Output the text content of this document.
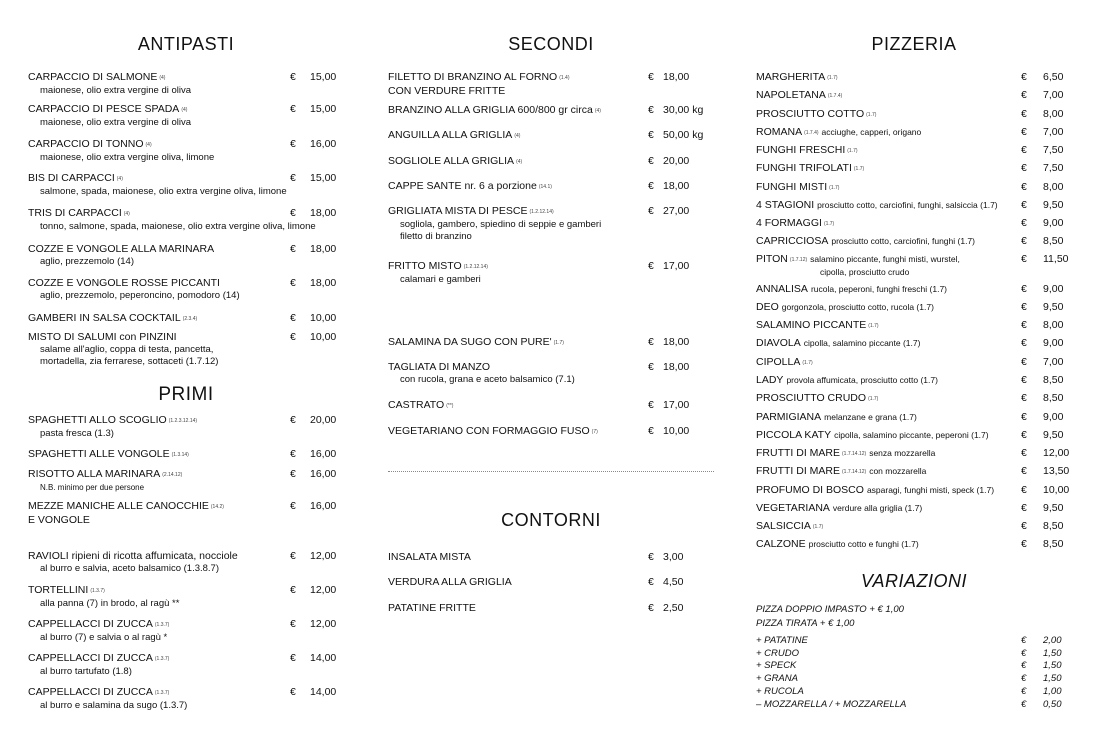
ANTIPASTI
CARPACCIO DI SALMONE (4)	€ 15,00
maionese, olio extra vergine di oliva
CARPACCIO DI PESCE SPADA (4)	€ 15,00
maionese, olio extra vergine di oliva
CARPACCIO DI TONNO (4)	€ 16,00
maionese, olio extra vergine oliva, limone
BIS DI CARPACCI (4)	€ 15,00
salmone, spada, maionese, olio extra vergine oliva, limone
TRIS DI CARPACCI (4)	€ 18,00
tonno, salmone, spada, maionese, olio extra vergine oliva, limone
COZZE E VONGOLE ALLA MARINARA	€ 18,00
aglio, prezzemolo (14)
COZZE E VONGOLE ROSSE PICCANTI	€ 18,00
aglio, prezzemolo, peperoncino, pomodoro (14)
GAMBERI IN SALSA COCKTAIL (2.3.4)	€ 10,00
MISTO DI SALUMI con PINZINI	€ 10,00
salame all'aglio, coppa di testa, pancetta,
mortadella, zia ferrarese, sottaceti (1.7.12)
PRIMI
SPAGHETTI ALLO SCOGLIO (1.2.3.12.14)	€ 20,00
pasta fresca (1.3)
SPAGHETTI ALLE VONGOLE (1.3.14)	€ 16,00
RISOTTO ALLA MARINARA (2.14.12)	€ 16,00
N.B. minimo per due persone
MEZZE MANICHE ALLE CANOCCHIE (14.2)	€ 16,00
E VONGOLE
RAVIOLI ripieni di ricotta affumicata, nocciole	€ 12,00
al burro e salvia, aceto balsamico (1.3.8.7)
TORTELLINI (1.3.7)	€ 12,00
alla panna (7) in brodo, al ragù **
CAPPELLACCI DI ZUCCA (1.3.7)	€ 12,00
al burro (7) e salvia o al ragù *
CAPPELLACCI DI ZUCCA (1.3.7)	€ 14,00
al burro tartufato (1.8)
CAPPELLACCI DI ZUCCA (1.3.7)	€ 14,00
al burro e salamina da sugo (1.3.7)
SECONDI
FILETTO DI BRANZINO AL FORNO (1.4)	€ 18,00
CON VERDURE FRITTE
BRANZINO ALLA GRIGLIA 600/800 gr circa (4)	€ 30,00 kg
ANGUILLA ALLA GRIGLIA (4)	€ 50,00 kg
SOGLIOLE ALLA GRIGLIA (4)	€ 20,00
CAPPE SANTE nr. 6 a porzione (14.1)	€ 18,00
GRIGLIATA MISTA DI PESCE (1.2.12.14)	€ 27,00
sogliola, gambero, spiedino di seppie e gamberi
filetto di branzino
FRITTO MISTO (1.2.12.14)	€ 17,00
calamari e gamberi
SALAMINA DA SUGO CON PURE' (1.7)	€ 18,00
TAGLIATA DI MANZO	€ 18,00
con rucola, grana e aceto balsamico (7.1)
CASTRATO (**)	€ 17,00
VEGETARIANO CON FORMAGGIO FUSO (7)	€ 10,00
CONTORNI
INSALATA MISTA	€ 3,00
VERDURA ALLA GRIGLIA	€ 4,50
PATATINE FRITTE	€ 2,50
PIZZERIA
MARGHERITA (1.7)	€ 6,50
NAPOLETANA (1.7.4)	€ 7,00
PROSCIUTTO COTTO (1.7)	€ 8,00
ROMANA (1.7.4) acciughe, capperi, origano	€ 7,00
FUNGHI FRESCHI (1.7)	€ 7,50
FUNGHI TRIFOLATI (1.7)	€ 7,50
FUNGHI MISTI (1.7)	€ 8,00
4 STAGIONI prosciutto cotto, carciofini, funghi, salsiccia (1.7) € 9,50
4 FORMAGGI (1.7)	€ 9,00
CAPRICCIOSA prosciutto cotto, carciofini, funghi (1.7)	€ 8,50
PITON (1.7.12) salamino piccante, funghi misti, wurstel,	€ 11,50
cipolla, prosciutto crudo
ANNALISA rucola, peperoni, funghi freschi (1.7)	€ 9,00
DEO gorgonzola, prosciutto cotto, rucola (1.7)	€ 9,50
SALAMINO PICCANTE (1.7)	€ 8,00
DIAVOLA cipolla, salamino piccante (1.7)	€ 9,00
CIPOLLA (1.7)	€ 7,00
LADY provola affumicata, prosciutto cotto (1.7)	€ 8,50
PROSCIUTTO CRUDO (1.7)	€ 8,50
PARMIGIANA melanzane e grana (1.7)	€ 9,00
PICCOLA KATY cipolla, salamino piccante, peperoni (1.7)	€ 9,50
FRUTTI DI MARE (1.7.14.12) senza mozzarella	€ 12,00
FRUTTI DI MARE (1.7.14.12) con mozzarella	€ 13,50
PROFUMO DI BOSCO asparagi, funghi misti, speck (1.7)	€ 10,00
VEGETARIANA verdure alla griglia (1.7)	€ 9,50
SALSICCIA (1.7)	€ 8,50
CALZONE prosciutto cotto e funghi (1.7)	€ 8,50
VARIAZIONI
PIZZA DOPPIO IMPASTO + € 1,00
PIZZA TIRATA + € 1,00
+ PATATINE	€ 2,00
+ CRUDO	€ 1,50
+ SPECK	€ 1,50
+ GRANA	€ 1,50
+ RUCOLA	€ 1,00
– MOZZARELLA / + MOZZARELLA	€ 0,50
